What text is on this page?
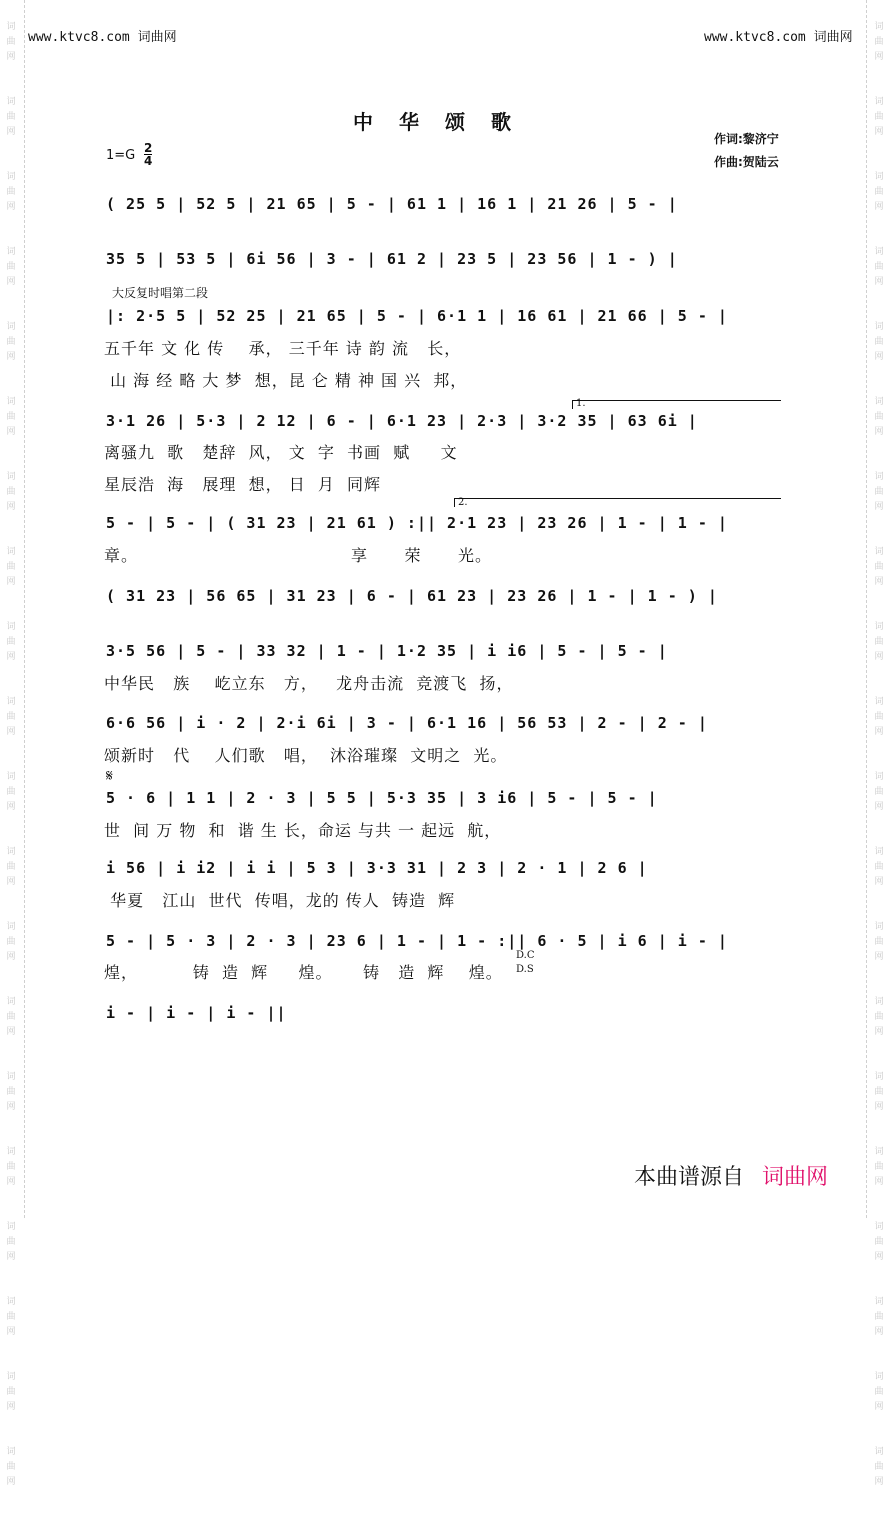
词
曲
网

词
曲
网

词
曲
网

词
曲
网

词
曲
网

词
曲
网

词
曲
网

词
曲
网

词
曲
网

词
曲
网

词
曲
网

词
曲
网

词
曲
网

词
曲
网

词
曲
网

词
曲
网

词
曲
网

词
曲
网

词
曲
网

词
曲
网

词
曲
网

词
曲
网

词
曲
网

词
曲
网

词
曲
网

词
曲
网

词
曲
网

词
曲
网

词
曲
网

词
曲
网

词
曲
网

词
曲
网

词
曲
网

词
曲
网

词
曲
网

词
曲
网

词
曲
网

词
曲
网

词
曲
网

词
曲
网

www.ktvc8.com 词曲网	www.ktvc8.com 词曲网
中华颂歌
作词:黎济宁
作曲:贺陆云
1=G 2
4
( 25 5 | 52 5 | 21 65 | 5 - | 61 1 | 16 1 | 21 26 | 5 - |
35 5 | 53 5 | 6i 56 | 3 - | 61 2 | 23 5 | 23 56 | 1 - ) |
大反复时唱第二段
|: 2·5 5 | 52 25 | 21 65 | 5 - | 6·1 1 | 16 61 | 21 66 | 5 - |
五千年 文 化 传    承， 三千年 诗 韵 流   长，
山 海 经 略 大 梦  想，昆 仑 精 神 国 兴  邦，
1.
3·1 26 | 5·3 | 2 12 | 6 - | 6·1 23 | 2·3 | 3·2 35 | 63 6i |
离骚九  歌   楚辞  风， 文  字  书画  赋     文
星辰浩  海   展理  想， 日  月  同辉
2.
5 - | 5 - | ( 31 23 | 21 61 ) :|| 2·1 23 | 23 26 | 1 - | 1 - |
章。                                   享      荣      光。
( 31 23 | 56 65 | 31 23 | 6 - | 61 23 | 23 26 | 1 - | 1 - ) |
3·5 56 | 5 - | 33 32 | 1 - | 1·2 35 | i i6 | 5 - | 5 - |
中华民   族    屹立东   方，   龙舟击流  竞渡飞  扬，
6·6 56 | i · 2 | 2·i 6i | 3 - | 6·1 16 | 56 53 | 2 - | 2 - |
颂新时   代    人们歌   唱，  沐浴璀璨  文明之  光。
𝄋
5 · 6 | 1 1 | 2 · 3 | 5 5 | 5·3 35 | 3 i6 | 5 - | 5 - |
世  间 万 物  和  谐 生 长，命运 与共 一 起远  航，
i 56 | i i2 | i i | 5 3 | 3·3 31 | 2 3 | 2 · 1 | 2 6 |
华夏   江山  世代  传唱，龙的 传人  铸造  辉
5 - | 5 · 3 | 2 · 3 | 23 6 | 1 - | 1 - :|| 6 · 5 | i 6 | i - |
D.C
D.S
煌，         铸  造  辉     煌。     铸   造  辉    煌。
i - | i - | i - ||
本曲谱源自 词曲网
